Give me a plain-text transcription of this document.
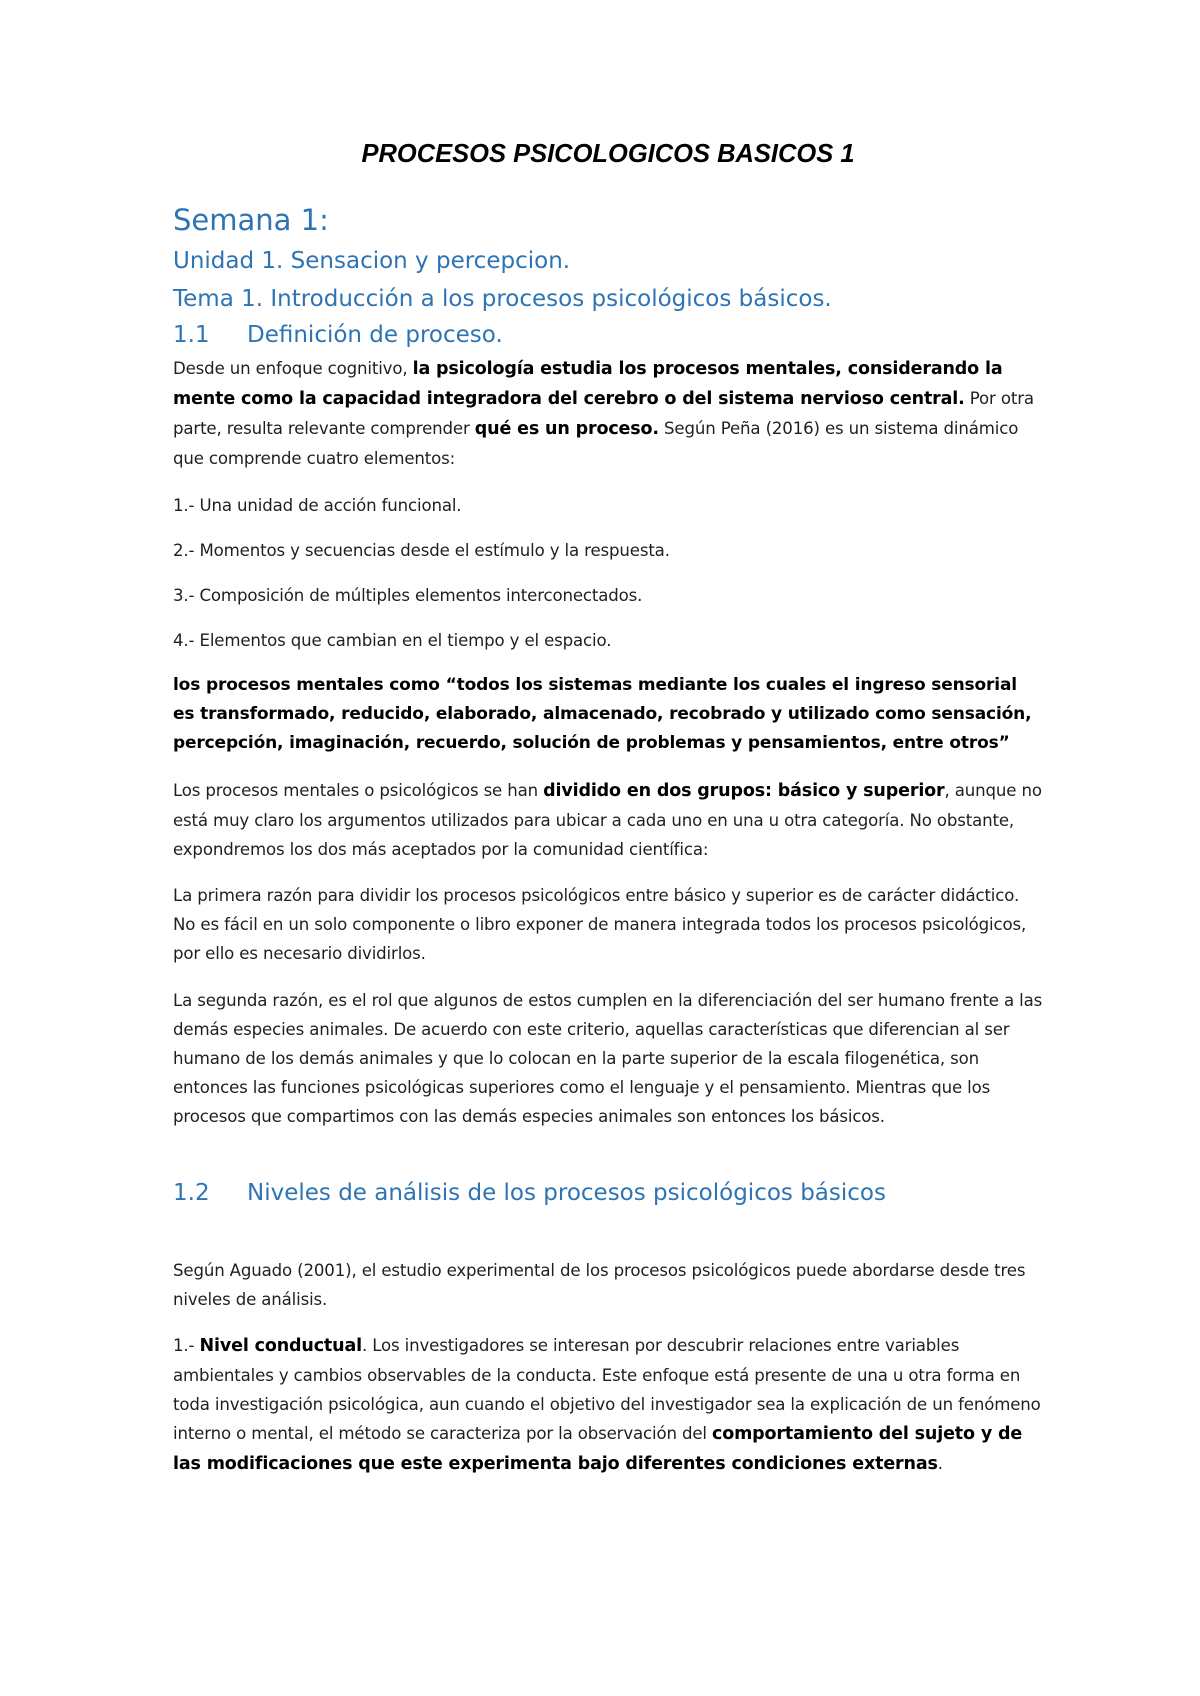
PROCESOS PSICOLOGICOS BASICOS 1
Semana 1:
Unidad 1. Sensacion y percepcion.
Tema 1. Introducción a los procesos psicológicos básicos.
1.1 Definición de proceso.

Desde un enfoque cognitivo, la psicología estudia los procesos mentales, considerando la mente como la capacidad integradora del cerebro o del sistema nervioso central. Por otra parte, resulta relevante comprender qué es un proceso. Según Peña (2016) es un sistema dinámico que comprende cuatro elementos:

1.- Una unidad de acción funcional.

2.- Momentos y secuencias desde el estímulo y la respuesta.

3.- Composición de múltiples elementos interconectados.

4.- Elementos que cambian en el tiempo y el espacio.

los procesos mentales como “todos los sistemas mediante los cuales el ingreso sensorial es transformado, reducido, elaborado, almacenado, recobrado y utilizado como sensación, percepción, imaginación, recuerdo, solución de problemas y pensamientos, entre otros”

Los procesos mentales o psicológicos se han dividido en dos grupos: básico y superior, aunque no está muy claro los argumentos utilizados para ubicar a cada uno en una u otra categoría. No obstante, expondremos los dos más aceptados por la comunidad científica:

La primera razón para dividir los procesos psicológicos entre básico y superior es de carácter didáctico. No es fácil en un solo componente o libro exponer de manera integrada todos los procesos psicológicos, por ello es necesario dividirlos.

La segunda razón, es el rol que algunos de estos cumplen en la diferenciación del ser humano frente a las demás especies animales. De acuerdo con este criterio, aquellas características que diferencian al ser humano de los demás animales y que lo colocan en la parte superior de la escala filogenética, son entonces las funciones psicológicas superiores como el lenguaje y el pensamiento. Mientras que los procesos que compartimos con las demás especies animales son entonces los básicos.

1.2 Niveles de análisis de los procesos psicológicos básicos

Según Aguado (2001), el estudio experimental de los procesos psicológicos puede abordarse desde tres niveles de análisis.

1.- Nivel conductual. Los investigadores se interesan por descubrir relaciones entre variables ambientales y cambios observables de la conducta. Este enfoque está presente de una u otra forma en toda investigación psicológica, aun cuando el objetivo del investigador sea la explicación de un fenómeno interno o mental, el método se caracteriza por la observación del comportamiento del sujeto y de las modificaciones que este experimenta bajo diferentes condiciones externas.
